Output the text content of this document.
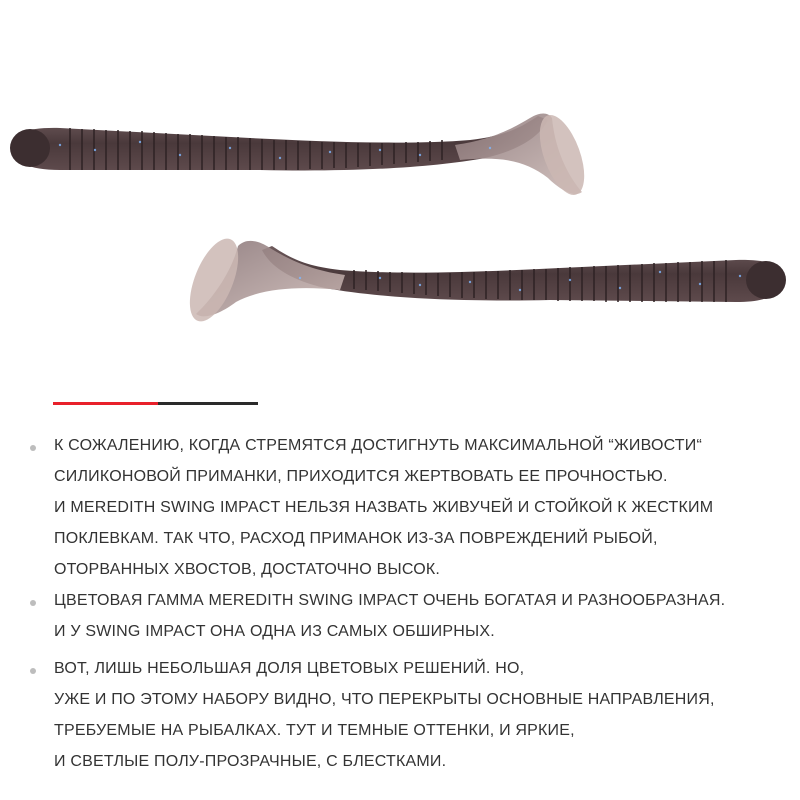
К СОЖАЛЕНИЮ, КОГДА СТРЕМЯТСЯ ДОСТИГНУТЬ МАКСИМАЛЬНОЙ “ЖИВОСТИ“
СИЛИКОНОВОЙ ПРИМАНКИ, ПРИХОДИТСЯ ЖЕРТВОВАТЬ ЕЕ ПРОЧНОСТЬЮ.
И MEREDITH SWING IMPACT НЕЛЬЗЯ НАЗВАТЬ ЖИВУЧЕЙ И СТОЙКОЙ К ЖЕСТКИМ
ПОКЛЕВКАМ. ТАК ЧТО, РАСХОД ПРИМАНОК ИЗ-ЗА ПОВРЕЖДЕНИЙ РЫБОЙ,
ОТОРВАННЫХ ХВОСТОВ, ДОСТАТОЧНО ВЫСОК.
ЦВЕТОВАЯ ГАММА MEREDITH SWING IMPACT ОЧЕНЬ БОГАТАЯ И РАЗНООБРАЗНАЯ.
И У SWING IMPACT ОНА ОДНА ИЗ САМЫХ ОБШИРНЫХ.
ВОТ, ЛИШЬ НЕБОЛЬШАЯ ДОЛЯ ЦВЕТОВЫХ РЕШЕНИЙ. НО,
УЖЕ И ПО ЭТОМУ НАБОРУ ВИДНО, ЧТО ПЕРЕКРЫТЫ ОСНОВНЫЕ НАПРАВЛЕНИЯ,
ТРЕБУЕМЫЕ НА РЫБАЛКАХ. ТУТ И ТЕМНЫЕ ОТТЕНКИ, И ЯРКИЕ,
И СВЕТЛЫЕ ПОЛУ-ПРОЗРАЧНЫЕ, С БЛЕСТКАМИ.
